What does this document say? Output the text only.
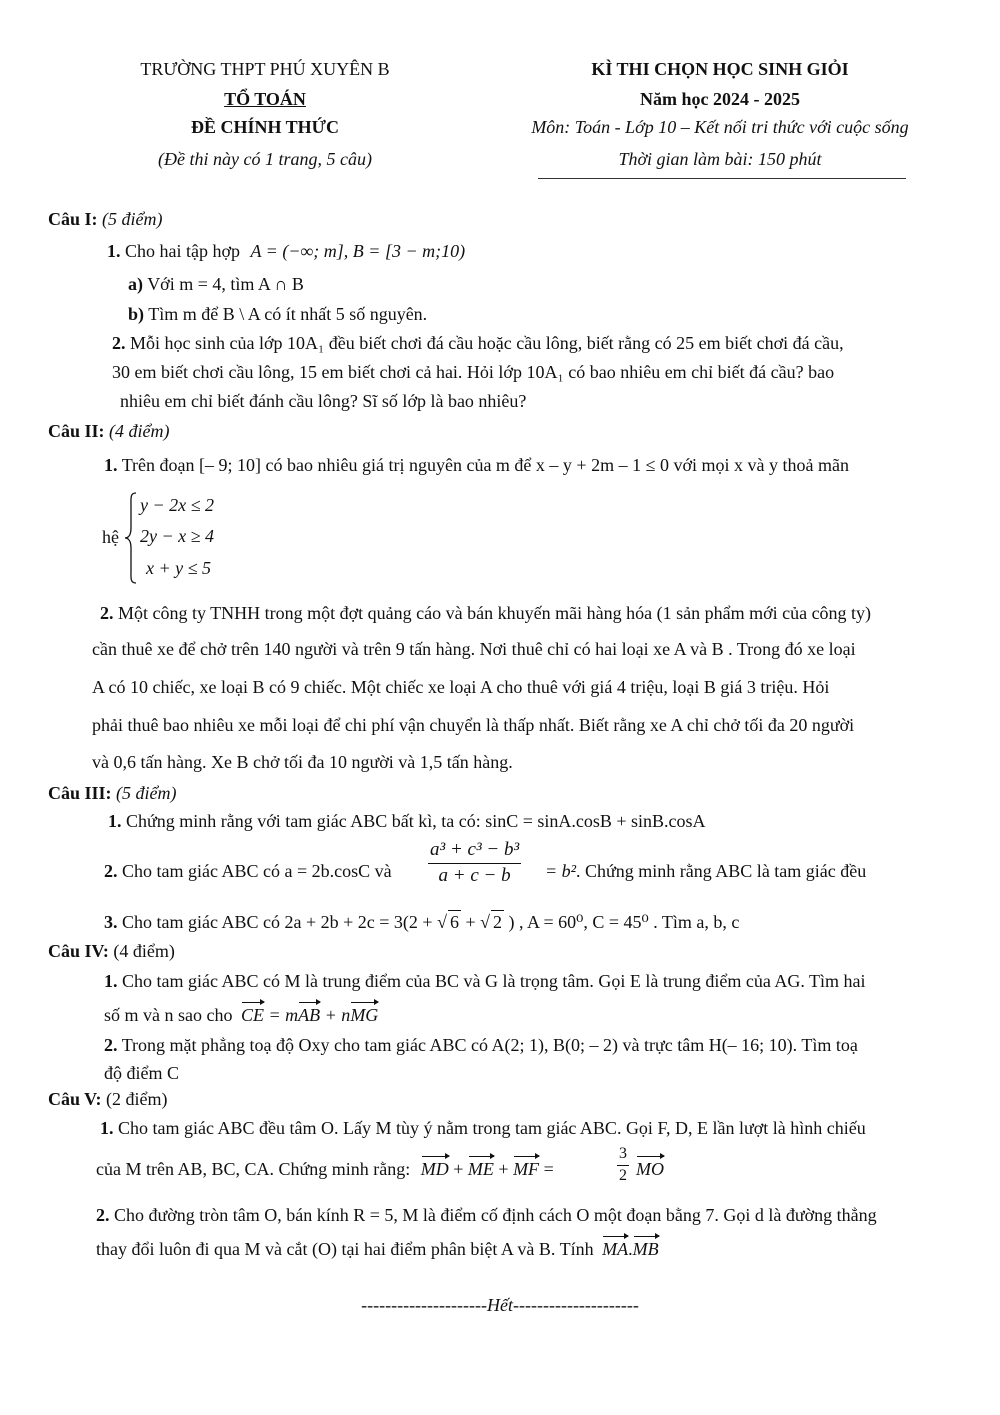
TRƯỜNG THPT PHÚ XUYÊN B
TỔ TOÁN
ĐỀ CHÍNH THỨC
(Đề thi này có 1 trang, 5 câu)
KÌ THI CHỌN HỌC SINH GIỎI
Năm học 2024 - 2025
Môn: Toán - Lớp 10 – Kết nối tri thức với cuộc sống
Thời gian làm bài: 150 phút
Câu I: (5 điểm)
1. Cho hai tập hợp A = (−∞; m], B = [3 − m;10)
a) Với m = 4, tìm A ∩ B
b) Tìm m để B \ A có ít nhất 5 số nguyên.
2. Mỗi học sinh của lớp 10A₁ đều biết chơi đá cầu hoặc cầu lông, biết rằng có 25 em biết chơi đá cầu,
30 em biết chơi cầu lông, 15 em biết chơi cả hai. Hỏi lớp 10A₁ có bao nhiêu em chỉ biết đá cầu? bao
nhiêu em chỉ biết đánh cầu lông? Sĩ số lớp là bao nhiêu?
Câu II: (4 điểm)
1. Trên đoạn [– 9; 10] có bao nhiêu giá trị nguyên của m để x – y + 2m – 1 ≤ 0 với mọi x và y thoả mãn
hệ
y − 2x ≤ 2
2y − x ≥ 4
x + y ≤ 5
2. Một công ty TNHH trong một đợt quảng cáo và bán khuyến mãi hàng hóa (1 sản phẩm mới của công ty)
cần thuê xe để chở trên 140 người và trên 9 tấn hàng. Nơi thuê chỉ có hai loại xe A và B . Trong đó xe loại
A có 10 chiếc, xe loại B có 9 chiếc. Một chiếc xe loại A cho thuê với giá 4 triệu, loại B giá 3 triệu. Hỏi
phải thuê bao nhiêu xe mỗi loại để chi phí vận chuyển là thấp nhất. Biết rằng xe A chỉ chở tối đa 20 người
và 0,6 tấn hàng. Xe B chở tối đa 10 người và 1,5 tấn hàng.
Câu III: (5 điểm)
1. Chứng minh rằng với tam giác ABC bất kì, ta có: sinC = sinA.cosB + sinB.cosA
2. Cho tam giác ABC có a = 2b.cosC và $\frac{\text{a³ + c³ − b³}}{a + c - b} = b^2$. Chứng minh rằng ABC là tam giác đều
3. Cho tam giác ABC có 2a + 2b + 2c = 3(2 + √ 6 + √ 2 ) , A = 60⁰, C = 45⁰ . Tìm a, b, c
Câu IV: (4 điểm)
1. Cho tam giác ABC có M là trung điểm của BC và G là trọng tâm. Gọi E là trung điểm của AG. Tìm hai
số m và n sao cho CE = mAB + nMG
2. Trong mặt phẳng toạ độ Oxy cho tam giác ABC có A(2; 1), B(0; – 2) và trực tâm H(– 16; 10). Tìm toạ
độ điểm C
Câu V: (2 điểm)
1. Cho tam giác ABC đều tâm O. Lấy M tùy ý nằm trong tam giác ABC. Gọi F, D, E lần lượt là hình chiếu
của M trên AB, BC, CA. Chứng minh rằng: MD + ME + MF =	$\frac{3}{2}$ MO
2. Cho đường tròn tâm O, bán kính R = 5, M là điểm cố định cách O một đoạn bằng 7. Gọi d là đường thẳng
thay đổi luôn đi qua M và cắt (O) tại hai điểm phân biệt A và B. Tính MA.MB
---------------------Hết---------------------
